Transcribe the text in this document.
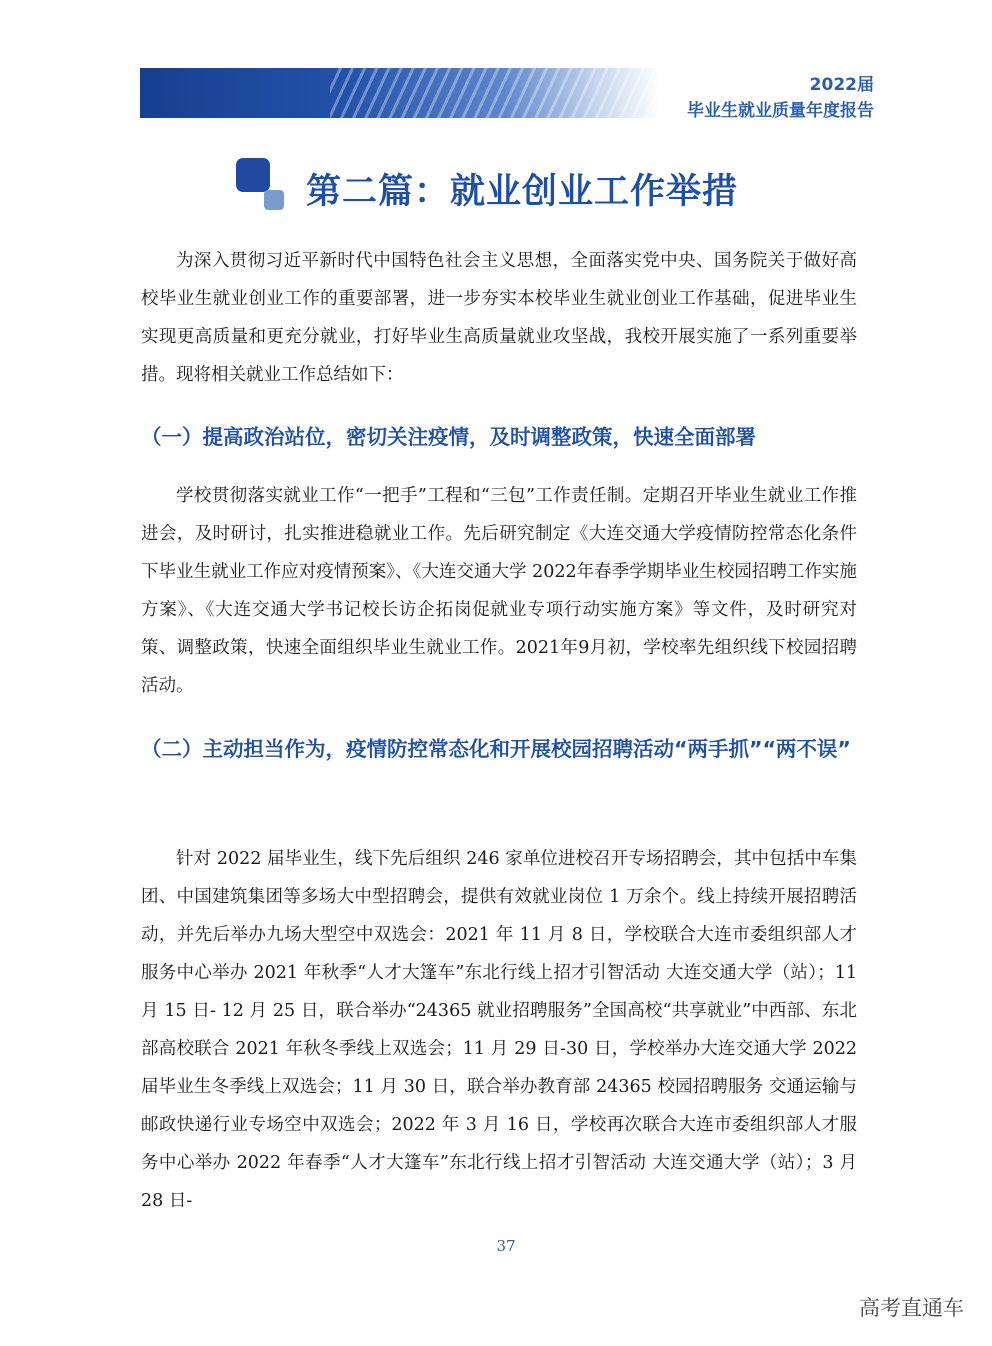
2022届
毕业生就业质量年度报告
第二篇：就业创业工作举措
为深入贯彻习近平新时代中国特色社会主义思想，全面落实党中央、国务院关于做好高校毕业生就业创业工作的重要部署，进一步夯实本校毕业生就业创业工作基础，促进毕业生实现更高质量和更充分就业，打好毕业生高质量就业攻坚战，我校开展实施了一系列重要举措。现将相关就业工作总结如下：
（一）提高政治站位，密切关注疫情，及时调整政策，快速全面部署
学校贯彻落实就业工作“一把手”工程和“三包”工作责任制。定期召开毕业生就业工作推进会，及时研讨，扎实推进稳就业工作。先后研究制定《大连交通大学疫情防控常态化条件下毕业生就业工作应对疫情预案》、《大连交通大学 2022年春季学期毕业生校园招聘工作实施方案》、《大连交通大学书记校长访企拓岗促就业专项行动实施方案》等文件，及时研究对策、调整政策，快速全面组织毕业生就业工作。2021年9月初，学校率先组织线下校园招聘活动。
（二）主动担当作为，疫情防控常态化和开展校园招聘活动“两手抓”“两不误”
针对 2022 届毕业生，线下先后组织 246 家单位进校召开专场招聘会，其中包括中车集团、中国建筑集团等多场大中型招聘会，提供有效就业岗位 1 万余个。线上持续开展招聘活动，并先后举办九场大型空中双选会：2021 年 11 月 8 日，学校联合大连市委组织部人才服务中心举办 2021 年秋季“人才大篷车”东北行线上招才引智活动 大连交通大学（站）；11 月 15 日- 12 月 25 日，联合举办“24365 就业招聘服务”全国高校“共享就业”中西部、东北部高校联合 2021 年秋冬季线上双选会；11 月 29 日-30 日，学校举办大连交通大学 2022 届毕业生冬季线上双选会；11 月 30 日，联合举办教育部 24365 校园招聘服务 交通运输与邮政快递行业专场空中双选会；2022 年 3 月 16 日，学校再次联合大连市委组织部人才服务中心举办 2022 年春季“人才大篷车”东北行线上招才引智活动 大连交通大学（站）；3 月 28 日-
37
高考直通车
